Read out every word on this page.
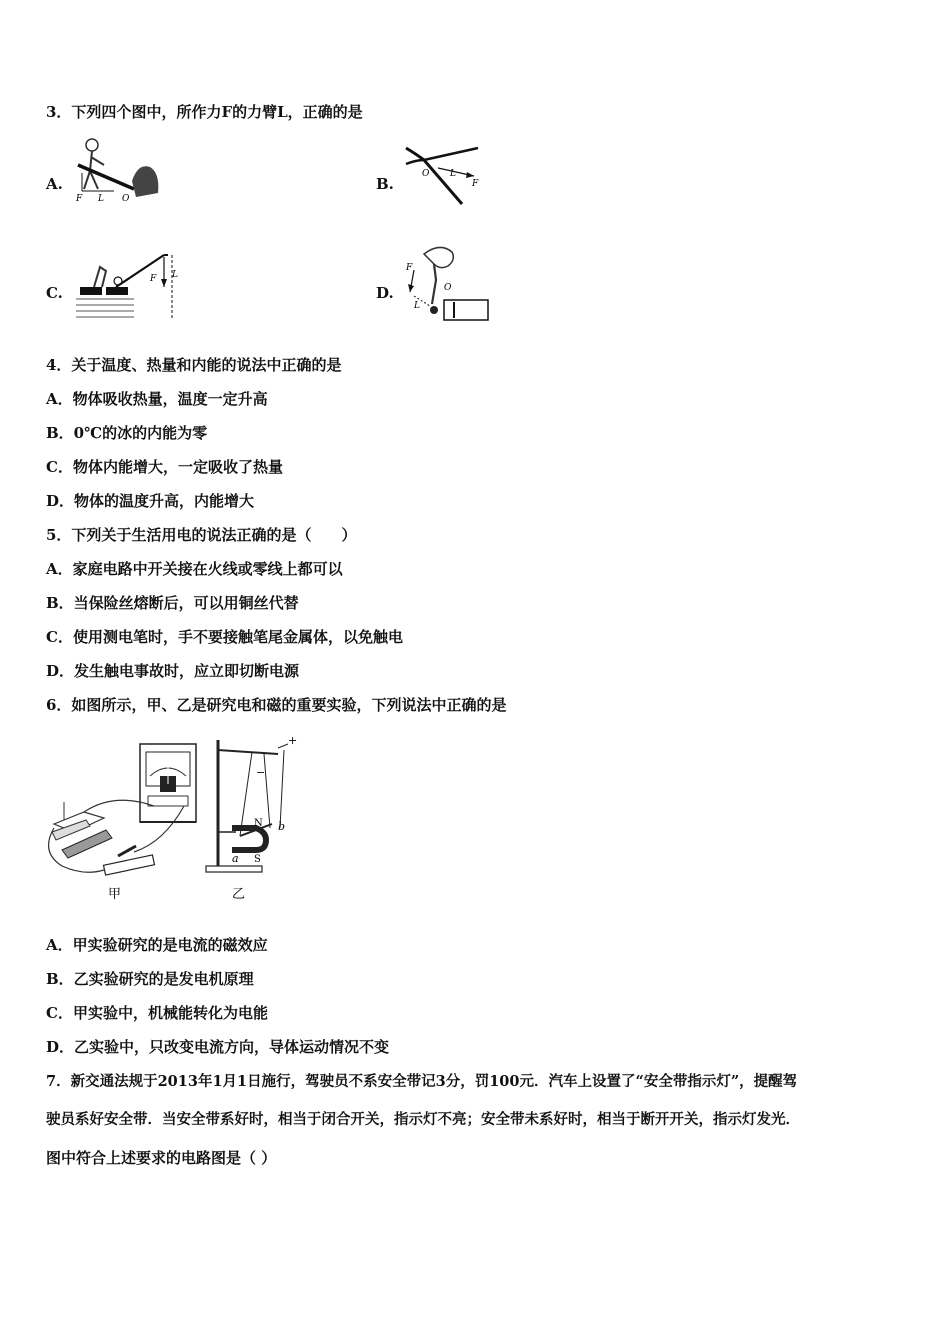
3．下列四个图中，所作力F的力臂L，正确的是
A.
F L O
B.
O L
F
C.
F L
D.
F
L
O
4．关于温度、热量和内能的说法中正确的是
A．物体吸收热量，温度一定升高
B．0℃的冰的内能为零
C．物体内能增大，一定吸收了热量
D．物体的温度升高，内能增大
5．下列关于生活用电的说法正确的是（　　）
A．家庭电路中开关接在火线或零线上都可以
B．当保险丝熔断后，可以用铜丝代替
C．使用测电笔时，手不要接触笔尾金属体，以免触电
D．发生触电事故时，应立即切断电源
6．如图所示，甲、乙是研究电和磁的重要实验，下列说法中正确的是
甲
+
−
N
S
a
b
乙
A．甲实验研究的是电流的磁效应
B．乙实验研究的是发电机原理
C．甲实验中，机械能转化为电能
D．乙实验中，只改变电流方向，导体运动情况不变
7．新交通法规于2013年1月1日施行，驾驶员不系安全带记3分，罚100元．汽车上设置了“安全带指示灯”，提醒驾
驶员系好安全带．当安全带系好时，相当于闭合开关，指示灯不亮；安全带未系好时，相当于断开开关，指示灯发光．
图中符合上述要求的电路图是（ ）
